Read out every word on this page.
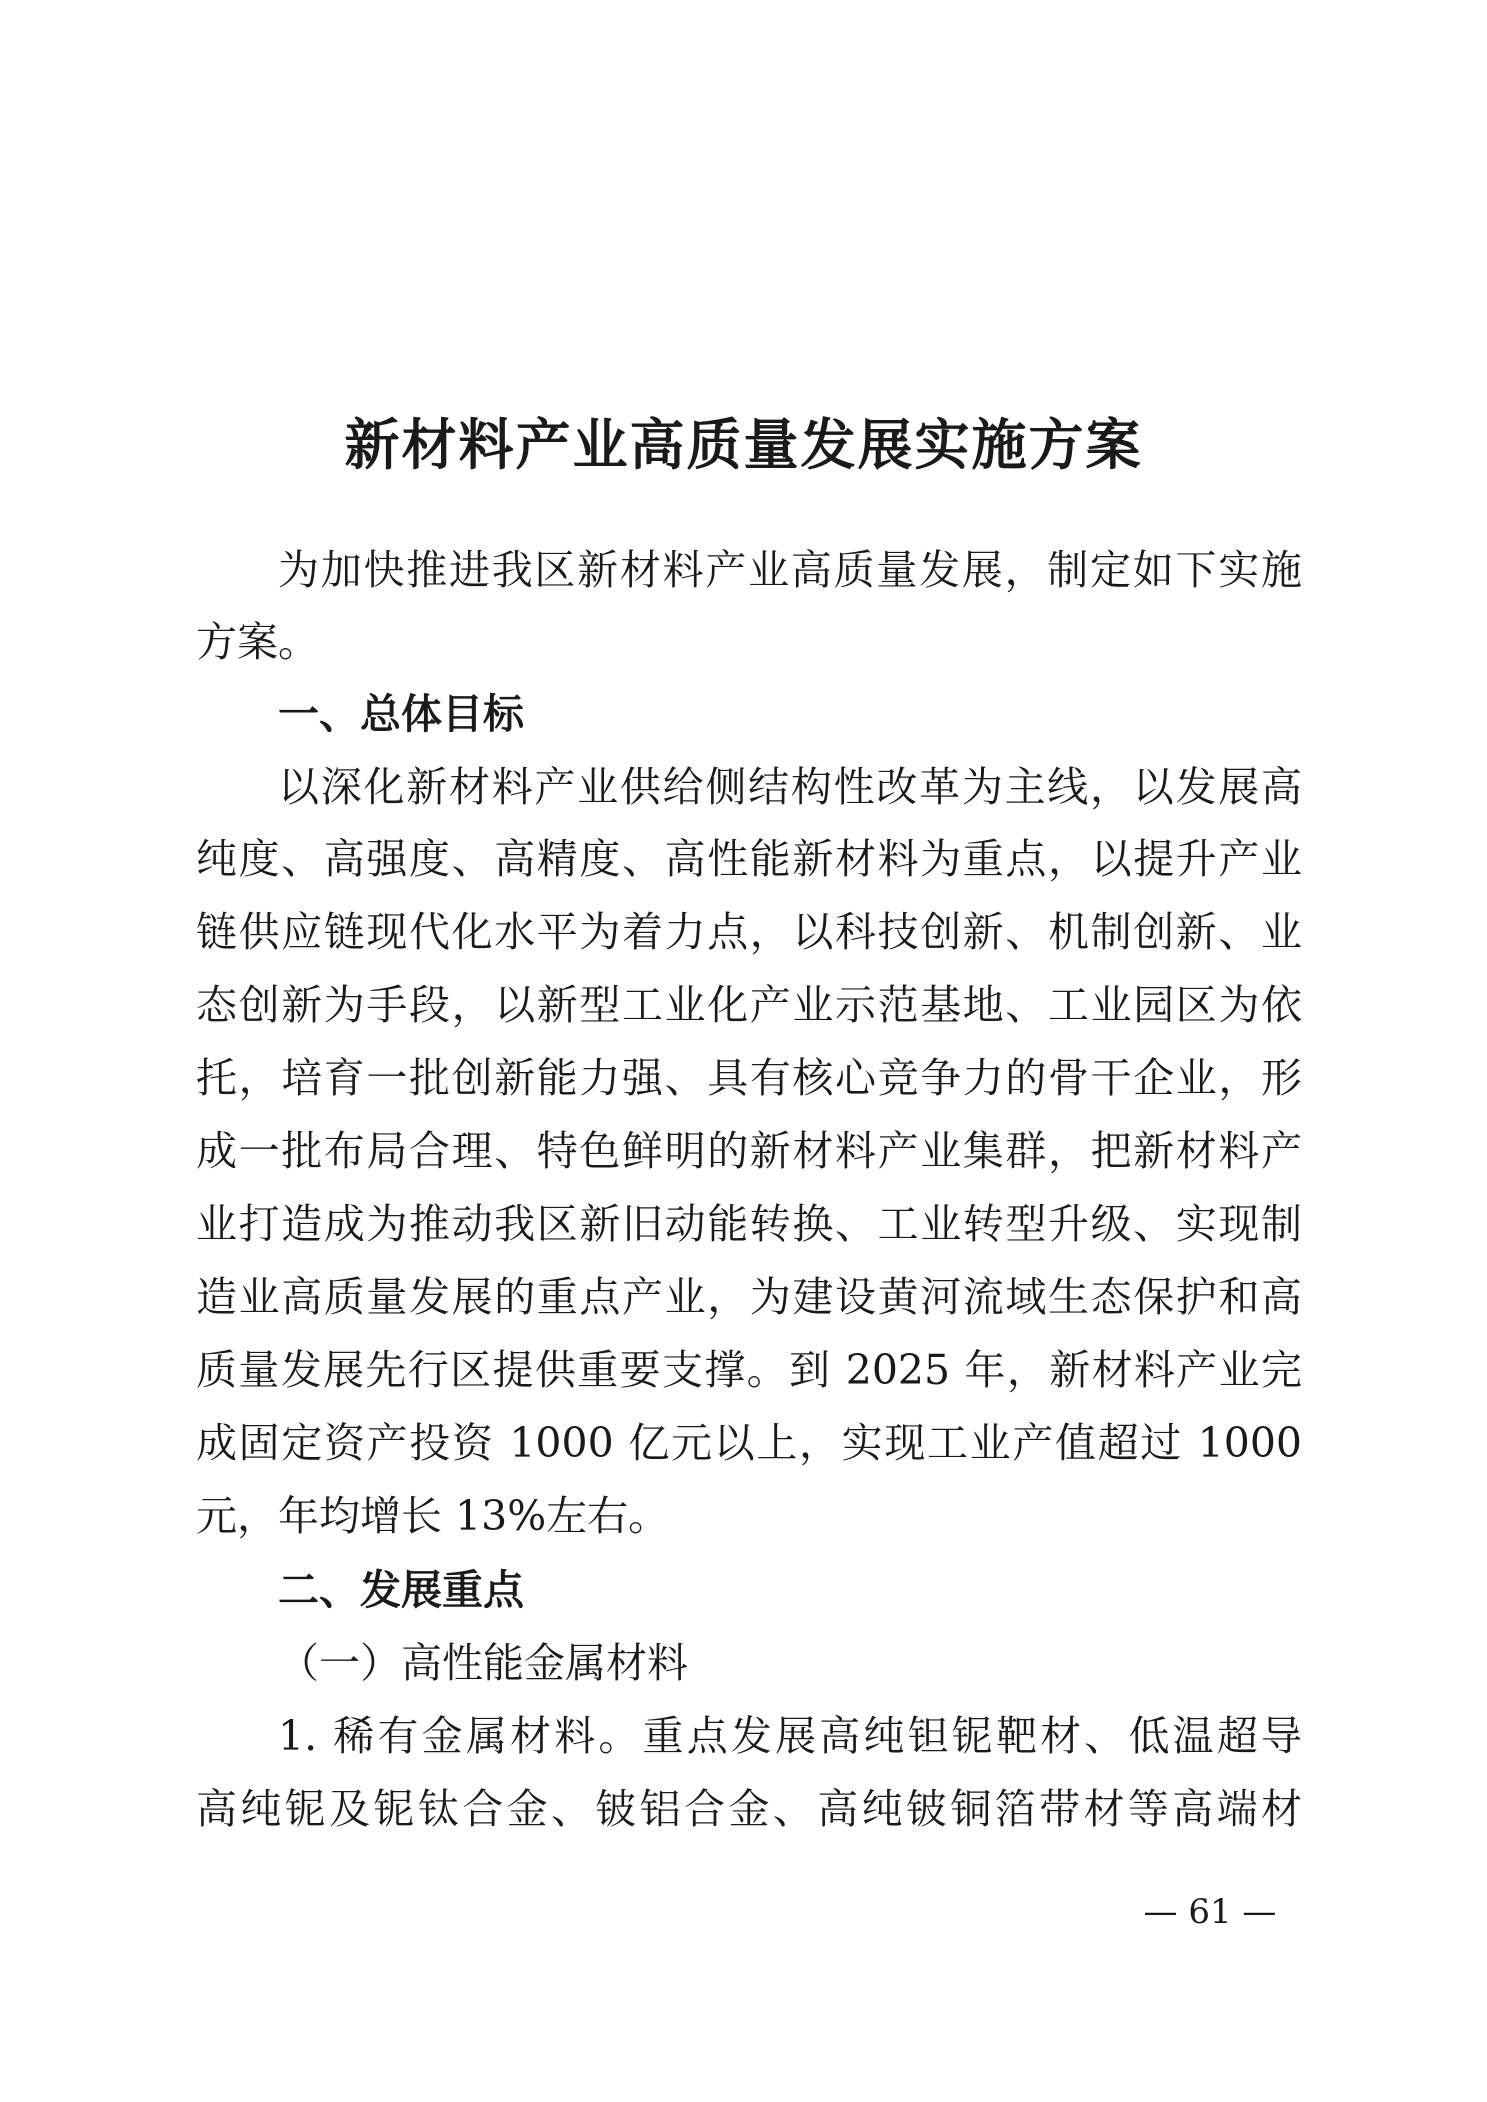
新材料产业高质量发展实施方案
为加快推进我区新材料产业高质量发展，制定如下实施
方案。
一、总体目标
以深化新材料产业供给侧结构性改革为主线，以发展高
纯度、高强度、高精度、高性能新材料为重点，以提升产业
链供应链现代化水平为着力点，以科技创新、机制创新、业
态创新为手段，以新型工业化产业示范基地、工业园区为依
托，培育一批创新能力强、具有核心竞争力的骨干企业，形
成一批布局合理、特色鲜明的新材料产业集群，把新材料产
业打造成为推动我区新旧动能转换、工业转型升级、实现制
造业高质量发展的重点产业，为建设黄河流域生态保护和高
质量发展先行区提供重要支撑。到 2025 年，新材料产业完
成固定资产投资 1000 亿元以上，实现工业产值超过 1000
元，年均增长 13%左右。
二、发展重点
（一）高性能金属材料
1. 稀有金属材料。重点发展高纯钽铌靶材、低温超导
高纯铌及铌钛合金、铍铝合金、高纯铍铜箔带材等高端材
— 61 —
